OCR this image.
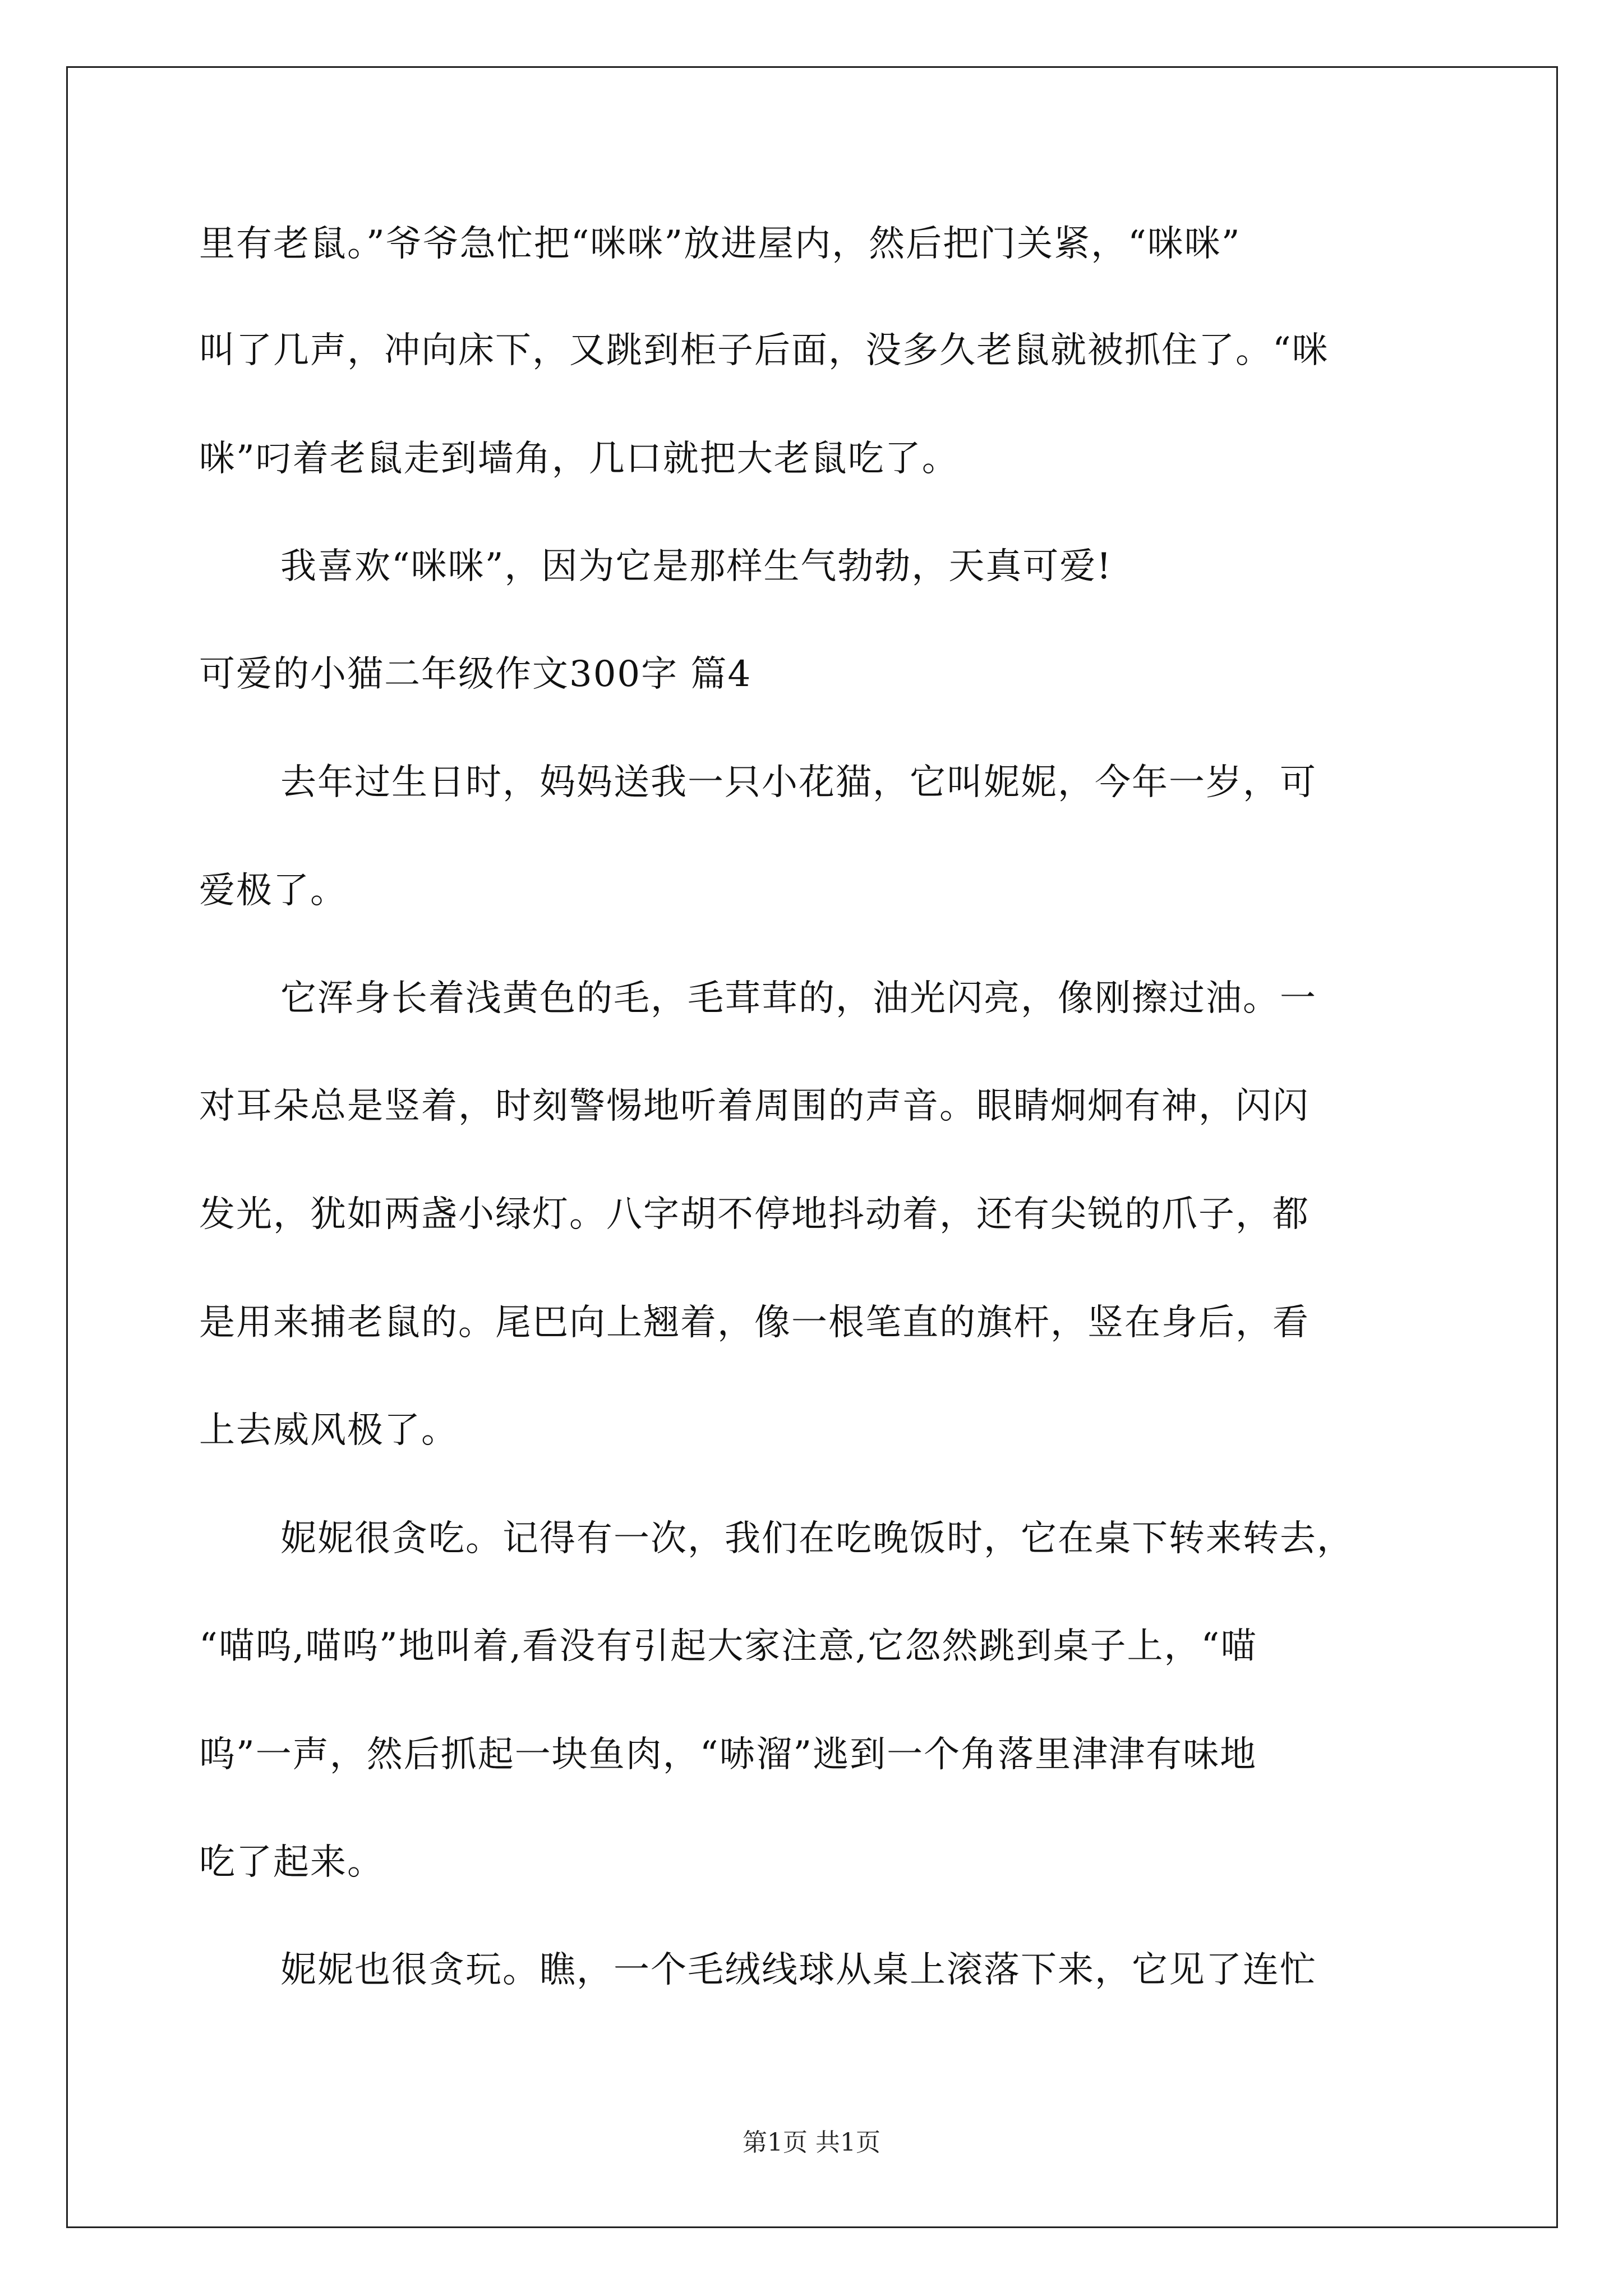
里有老鼠。”爷爷急忙把“咪咪”放进屋内，然后把门关紧，“咪咪”
叫了几声，冲向床下，又跳到柜子后面，没多久老鼠就被抓住了。“咪
咪”叼着老鼠走到墙角，几口就把大老鼠吃了。
我喜欢“咪咪”，因为它是那样生气勃勃，天真可爱!
可爱的小猫二年级作文300字 篇4
去年过生日时，妈妈送我一只小花猫，它叫妮妮，今年一岁，可
爱极了。
它浑身长着浅黄色的毛，毛茸茸的，油光闪亮，像刚擦过油。一
对耳朵总是竖着，时刻警惕地听着周围的声音。眼睛炯炯有神，闪闪
发光，犹如两盏小绿灯。八字胡不停地抖动着，还有尖锐的爪子，都
是用来捕老鼠的。尾巴向上翘着，像一根笔直的旗杆，竖在身后，看
上去威风极了。
妮妮很贪吃。记得有一次，我们在吃晚饭时，它在桌下转来转去，
“喵呜,喵呜”地叫着,看没有引起大家注意,它忽然跳到桌子上，“喵
呜”一声，然后抓起一块鱼肉，“哧溜”逃到一个角落里津津有味地
吃了起来。
妮妮也很贪玩。瞧，一个毛绒线球从桌上滚落下来，它见了连忙
第1页 共1页
